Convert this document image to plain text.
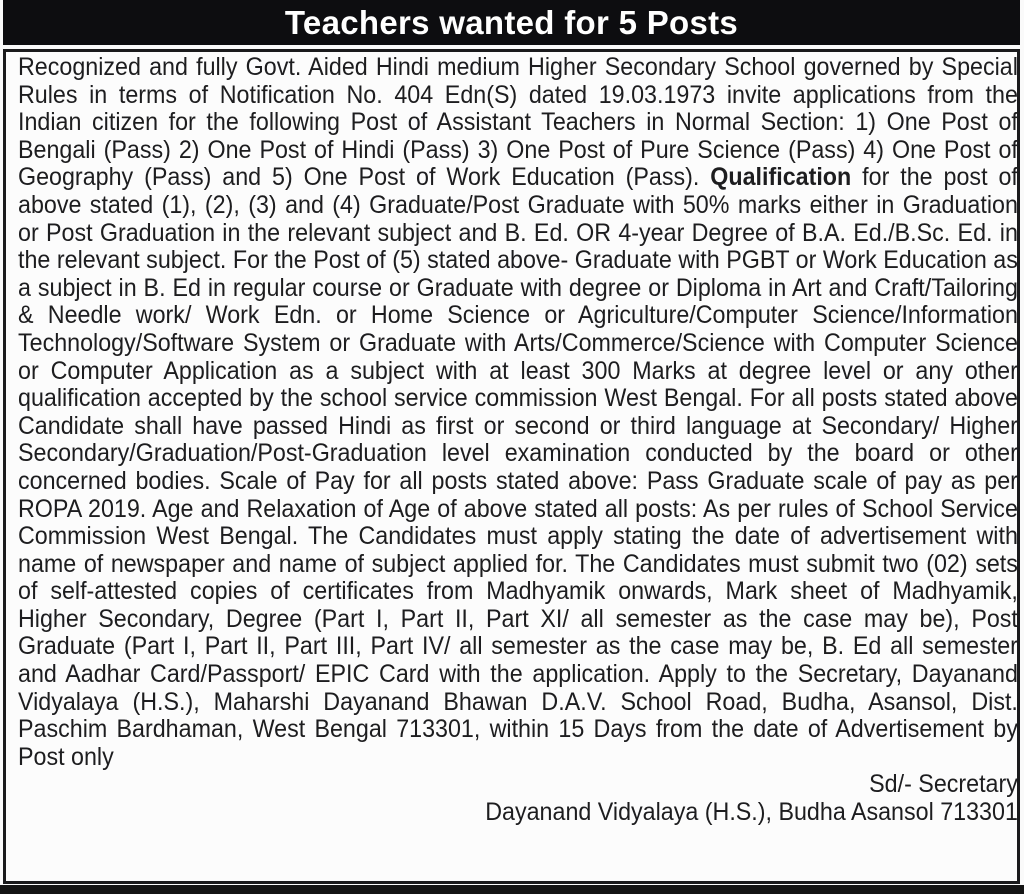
Teachers wanted for 5 Posts

Recognized and fully Govt. Aided Hindi medium Higher Secondary School governed by Special Rules in terms of Notification No. 404 Edn(S) dated 19.03.1973 invite applications from the Indian citizen for the following Post of Assistant Teachers in Normal Section: 1) One Post of Bengali (Pass) 2) One Post of Hindi (Pass) 3) One Post of Pure Science (Pass) 4) One Post of Geography (Pass) and 5) One Post of Work Education (Pass). Qualification for the post of above stated (1), (2), (3) and (4) Graduate/Post Graduate with 50% marks either in Graduation or Post Graduation in the relevant subject and B. Ed. OR 4-year Degree of B.A. Ed./B.Sc. Ed. in the relevant subject. For the Post of (5) stated above- Graduate with PGBT or Work Education as a subject in B. Ed in regular course or Graduate with degree or Diploma in Art and Craft/Tailoring & Needle work/ Work Edn. or Home Science or Agriculture/Computer Science/Information Technology/Software System or Graduate with Arts/Commerce/Science with Computer Science or Computer Application as a subject with at least 300 Marks at degree level or any other qualification accepted by the school service commission West Bengal. For all posts stated above Candidate shall have passed Hindi as first or second or third language at Secondary/ Higher Secondary/Graduation/Post-Graduation level examination conducted by the board or other concerned bodies. Scale of Pay for all posts stated above: Pass Graduate scale of pay as per ROPA 2019. Age and Relaxation of Age of above stated all posts: As per rules of School Service Commission West Bengal. The Candidates must apply stating the date of advertisement with name of newspaper and name of subject applied for. The Candidates must submit two (02) sets of self-attested copies of certificates from Madhyamik onwards, Mark sheet of Madhyamik, Higher Secondary, Degree (Part I, Part II, Part XI/ all semester as the case may be), Post Graduate (Part I, Part II, Part III, Part IV/ all semester as the case may be, B. Ed all semester and Aadhar Card/Passport/ EPIC Card with the application. Apply to the Secretary, Dayanand Vidyalaya (H.S.), Maharshi Dayanand Bhawan D.A.V. School Road, Budha, Asansol, Dist. Paschim Bardhaman, West Bengal 713301, within 15 Days from the date of Advertisement by Post only

Sd/- Secretary
Dayanand Vidyalaya (H.S.), Budha Asansol 713301
